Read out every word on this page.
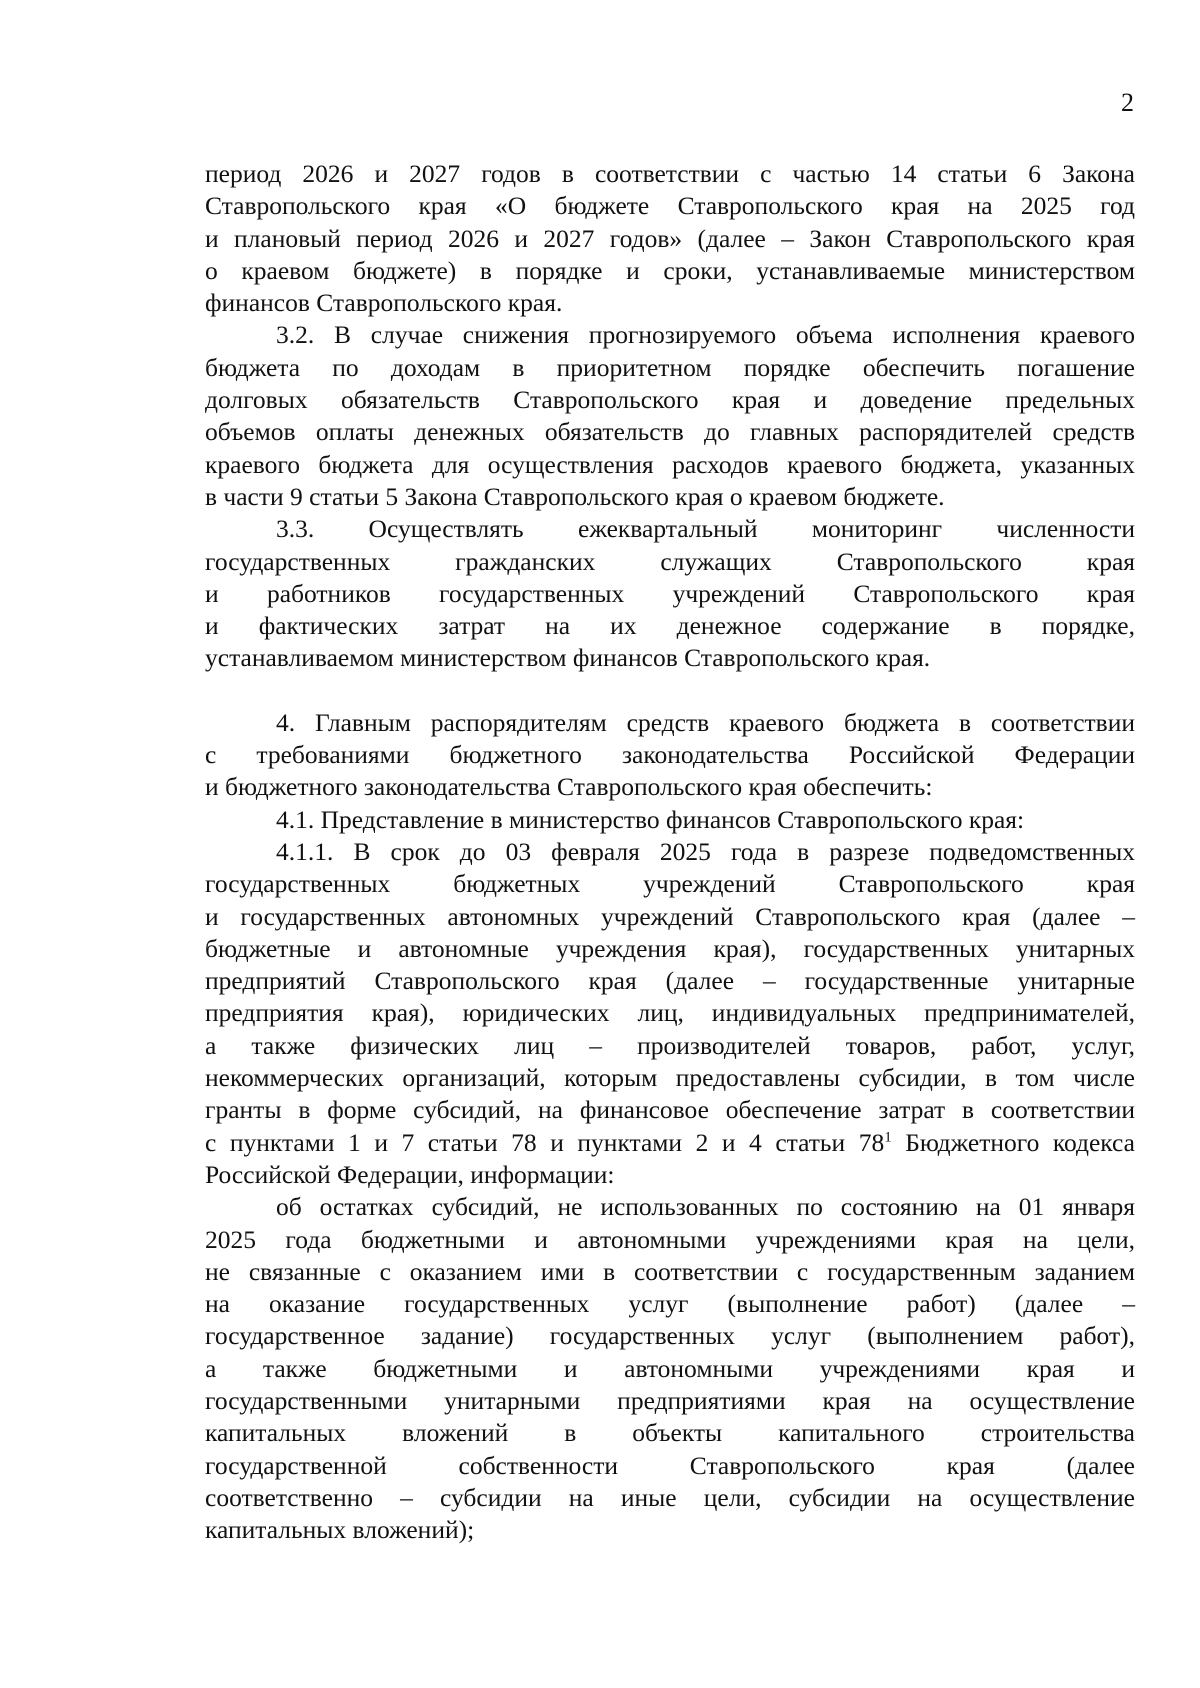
2
период 2026 и 2027 годов в соответствии с частью 14 статьи 6 Закона
Ставропольского края «О бюджете Ставропольского края на 2025 год
и плановый период 2026 и 2027 годов» (далее – Закон Ставропольского края
о краевом бюджете) в порядке и сроки, устанавливаемые министерством
финансов Ставропольского края.
3.2. В случае снижения прогнозируемого объема исполнения краевого
бюджета по доходам в приоритетном порядке обеспечить погашение
долговых обязательств Ставропольского края и доведение предельных
объемов оплаты денежных обязательств до главных распорядителей средств
краевого бюджета для осуществления расходов краевого бюджета, указанных
в части 9 статьи 5 Закона Ставропольского края о краевом бюджете.
3.3. Осуществлять ежеквартальный мониторинг численности
государственных гражданских служащих Ставропольского края
и работников государственных учреждений Ставропольского края
и фактических затрат на их денежное содержание в порядке,
устанавливаемом министерством финансов Ставропольского края.
4. Главным распорядителям средств краевого бюджета в соответствии
с требованиями бюджетного законодательства Российской Федерации
и бюджетного законодательства Ставропольского края обеспечить:
4.1. Представление в министерство финансов Ставропольского края:
4.1.1. В срок до 03 февраля 2025 года в разрезе подведомственных
государственных бюджетных учреждений Ставропольского края
и государственных автономных учреждений Ставропольского края (далее –
бюджетные и автономные учреждения края), государственных унитарных
предприятий Ставропольского края (далее – государственные унитарные
предприятия края), юридических лиц, индивидуальных предпринимателей,
а также физических лиц – производителей товаров, работ, услуг,
некоммерческих организаций, которым предоставлены субсидии, в том числе
гранты в форме субсидий, на финансовое обеспечение затрат в соответствии
с пунктами 1 и 7 статьи 78 и пунктами 2 и 4 статьи $78^1$ Бюджетного кодекса
Российской Федерации, информации:
об остатках субсидий, не использованных по состоянию на 01 января
2025 года бюджетными и автономными учреждениями края на цели,
не связанные с оказанием ими в соответствии с государственным заданием
на оказание государственных услуг (выполнение работ) (далее –
государственное задание) государственных услуг (выполнением работ),
а также бюджетными и автономными учреждениями края и
государственными унитарными предприятиями края на осуществление
капитальных вложений в объекты капитального строительства
государственной собственности Ставропольского края (далее
соответственно – субсидии на иные цели, субсидии на осуществление
капитальных вложений);
